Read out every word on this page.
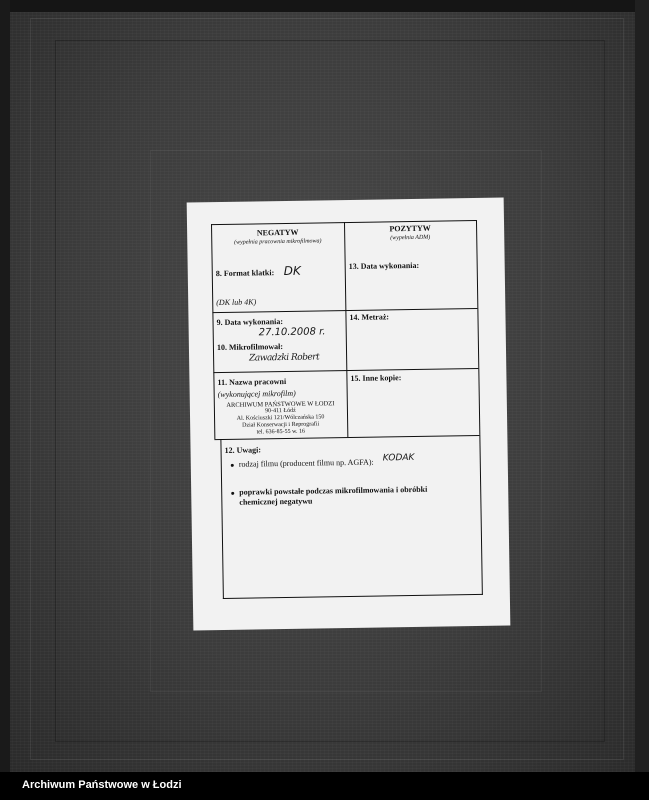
NEGATYW
(wypełnia pracownia mikrofilmowa)
POZYTYW
(wypełnia ADM)
8. Format klatki: DK
(DK lub 4K)
13. Data wykonania:
9. Data wykonania:
27.10.2008 r.
14. Metraż:
10. Mikrofilmował:
Zawadzki Robert
11. Nazwa pracowni
(wykonującej mikrofilm)
ARCHIWUM PAŃSTWOWE W ŁODZI
90-411 Łódź
Al. Kościuszki 121/Wólczańska 150
Dział Konserwacji i Reprografii
tel. 636-85-55 w. 16
15. Inne kopie:
12. Uwagi:
rodzaj filmu (producent filmu np. AGFA): KODAK
poprawki powstałe podczas mikrofilmowania i obróbki
chemicznej negatywu
Archiwum Państwowe w Łodzi
